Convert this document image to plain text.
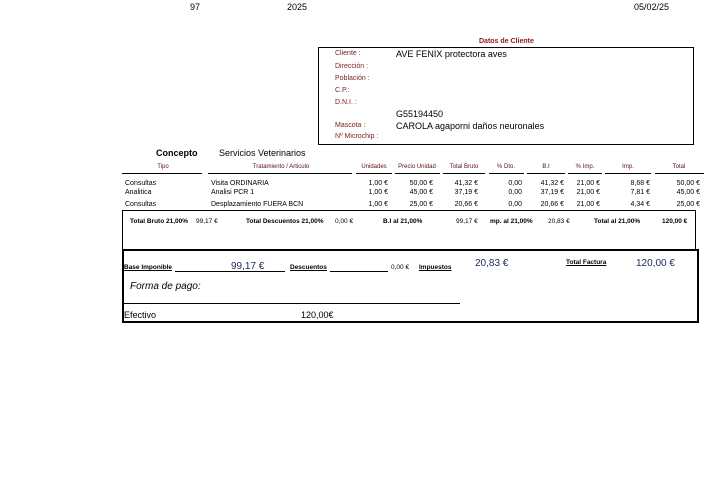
97	2025	05/02/25
Datos de Cliente
Cliente :	AVE FENIX protectora aves
Dirección :
Población :
C.P.:
D.N.I. :
G55194450
Mascota :	CAROLA agaporni daños neuronales
Nº Microchip :
Concepto Servicios Veterinarios
Tipo	Tratamiento / Articulo	Unidades	Precio Unidad	Total Bruto	% Dto.	B.I	% Imp.	Imp.	Total
Consultas	Visita ORDINARIA	1,00 €	50,00 €	41,32 €	0,00	41,32 €	21,00 €	8,68 €	50,00 €
Analitica	Analisi PCR 1	1,00 €	45,00 €	37,19 €	0,00	37,19 €	21,00 €	7,81 €	45,00 €
Consultas	Desplazamiento FUERA BCN	1,00 €	25,00 €	20,66 €	0,00	20,66 €	21,00 €	4,34 €	25,00 €
Total Bruto 21,00% 99,17 €	Total Descuentos 21,00% 0,00 €	B.I al 21,00%	99,17 € mp. al 21,00% 20,83 €	Total al 21,00%	120,00 €
Base Imponible	99,17 €	Descuentos	0,00 € Impuestos 20,83 €	Total Factura	120,00 €
Forma de pago:
Efectivo	120,00€
